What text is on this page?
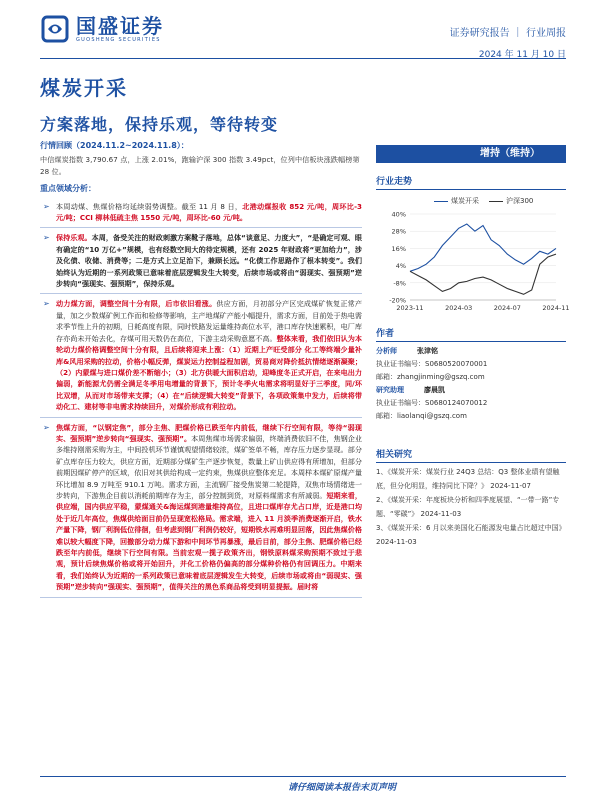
国盛证券
GUOSHENG SECURITIES
证券研究报告 ｜ 行业周报
2024 年 11 月 10 日
煤炭开采
方案落地，保持乐观，等待转变
行情回顾（2024.11.2~2024.11.8）：
中信煤炭指数 3,790.67 点，上涨 2.01%，跑输沪深 300 指数 3.49pct，位列中信板块涨跌幅榜第 28 位。
重点领域分析：
➢ 本周动煤、焦煤价格均延续弱势调整。截至 11 月 8 日，北港动煤报收 852 元/吨，周环比-3 元/吨；CCI 柳林低硫主焦 1550 元/吨，周环比-60 元/吨。
➢ 保持乐观。本周，备受关注的财政刺激方案靴子落地，总体“谈意足、力度大”，“是确定可观、眼有确定的“10 万亿+”规模，也有经数空间大的待定规模，还有 2025 年财政将“更加给力”，涉及化债、收储、消费等；二是方式上立足治下，兼顾长远。“化债工作思路作了根本转变”。我们始终认为近期的一系列政策已意味着底层逻辑发生大转变，后续市场或将由“弱现实、强预期”逆步转向“强现实、强预期”，保持乐观。
➢ 动力煤方面，调整空间十分有限，后市依旧看涨。供应方面，月初部分产区完成煤矿恢复正常产量，加之少数煤矿例工作而和检修等影响，主产地煤矿产能小幅提升，需求方面，目前处于热电需求季节性上升的初期，日耗高度有限，同时铁路发运量维持高位水平，港口库存快速累积，电厂库存亦尚未开始去化，存煤可用天数仍在高位，下游主动采购意愿不高。整体来看，我们依旧认为本轮动力煤价格调整空间十分有限，且后续将迎来上涨：（1）近期上产旺受部分 化工等终端少量补库&风用采购的拉动，价格小幅反弹，煤炭运力控制益程加剧，贸易商对降价抵抗情绪逐渐凝聚；（2）内蒙煤与进口煤价差不断缩小；（3）北方供暖大面积启动，迎峰度冬正式开启，在来电出力偏弱，新能源尤仍需全满足冬季用电增量的背景下，预计冬季火电需求将明显好于三季度，同/环比双增，从而对市场带来支撑；（4）在“后续逻辑大转变”背景下，各项政策集中发力，后续将带动化工、建材等非电需求持续回升，对煤价形成有利拉动。
➢ 焦煤方面，“以钢定焦”，部分主焦、肥煤价格已跌至年内前低，继续下行空间有限，等待“弱现实、强预期”逆步转向“强现实、强预期”。本周焦煤市场需求偏弱，终端消费依旧不佳，焦钢企业多维持刚需采购为主，中间投机环节谨慎观望情绪较浓，煤矿签单不畅，库存压力逐步显现。部分矿点库存压力较大，供应方面，近期部分煤矿生产逐步恢复，数量上矿山供应得有所增加，但部分前期因煤矿停产的区域，依旧对其供给构成一定约束，焦煤供应整体充足。本周样本煤矿原煤产量环比增加 8.9 万吨至 910.1 万吨。需求方面，主流钢厂接受焦炭第二轮提降，双焦市场情绪进一步转向，下游焦企目前以消耗前期库存为主，部分控制到货，对原料煤需求有所减弱。短期来看，供应端，国内供应平稳，蒙煤通关&海运煤到港量维持高位，且进口煤库存尤占口岸，近是港口均处于近几年高位，焦煤供给面目前仍呈现宽松格局。需求端，进入 11 月淡季消费逐渐开启，铁水产量下降，钢厂利润低位徘徊，但考虑到钢厂利润仍较好，短期铁水再难明显回落，因此焦煤价格难以较大幅度下降，回撤部分动力煤下游和中间环节再暴涨，最后目前，部分主焦、肥煤价格已经跌至年内前低，继续下行空间有限。当前宏观一揽子政策齐出，钢铁原料煤采购预期不致过于悲观，预计后续焦煤价格或将开始回升，并化工价格仍偏高的部分煤种价格仍有回调压力。中期来看，我们始终认为近期的一系列政策已意味着底层逻辑发生大转变，后续市场或将由“弱现实、强预期”逆步转向“强现实、强预期”，值得关注的黑色系商品将受到明显提振。届时将
增持（维持）
行业走势
煤炭开采	沪深300
-20%
-8%
4%
16%
28%
40%
2023-11	2024-03	2024-07	2024-11
作者
分析师	张津铭
执业证书编号：S0680520070001
邮箱：zhangjinming@gszq.com
研究助理	廖晨凯
执业证书编号：S0680124070012
邮箱：liaolanqi@gszq.com
相关研究
1、《煤炭开采：煤炭行业 24Q3 总结：Q3 整体业绩有望触底，但分化明显，维持同比下降？》 2024-11-07
2、《煤炭开采：年度板块分析和四季度展望、“一带一路”专题、“零碳”》 2024-11-03
3、《煤炭开采：6 月以来美国化石能源发电量占比超过中国》 2024-11-03
请仔细阅读本报告末页声明
